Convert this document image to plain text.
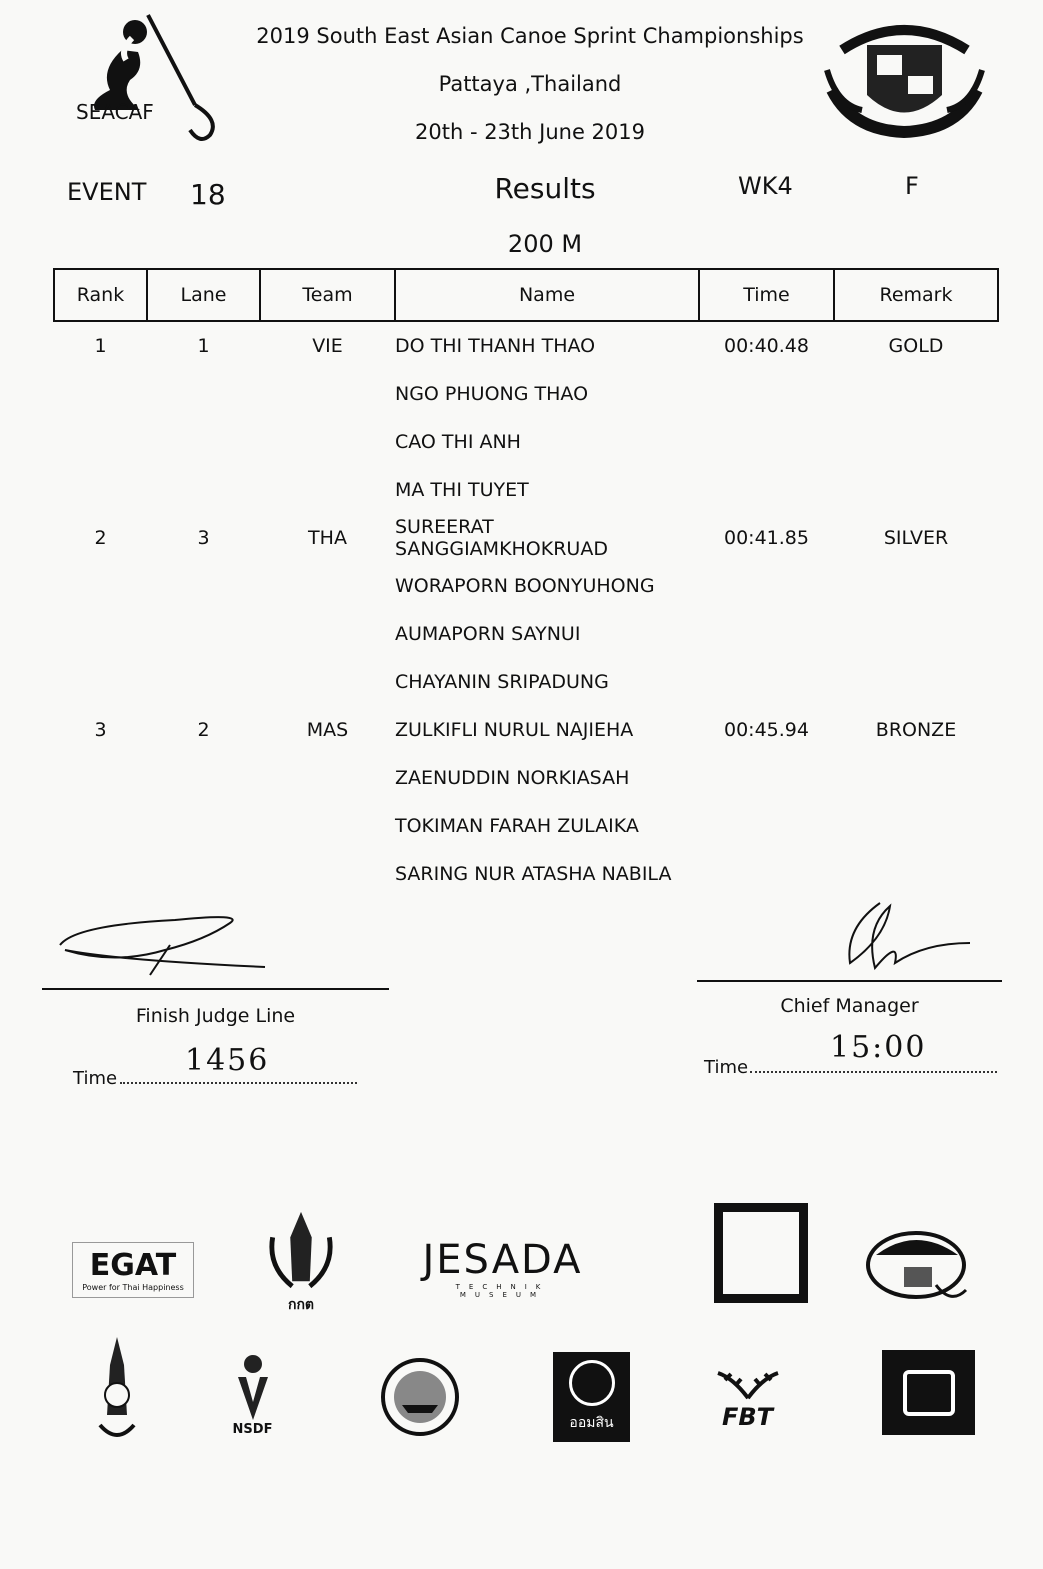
SEACAF
2019 South East Asian Canoe Sprint Championships
Pattaya ,Thailand
20th - 23th June 2019
EVENT 18	Results	WK4	F
200 M
Rank	Lane	Team	Name	Time	Remark
1	1	VIE	DO THI THANH THAO	00:40.48	GOLD
			NGO PHUONG THAO		
			CAO THI ANH		
			MA THI TUYET		
2	3	THA	SUREERAT SANGGIAMKHOKRUAD	00:41.85	SILVER
			WORAPORN BOONYUHONG		
			AUMAPORN SAYNUI		
			CHAYANIN SRIPADUNG		
3	2	MAS	ZULKIFLI NURUL NAJIEHA	00:45.94	BRONZE
			ZAENUDDIN NORKIASAH		
			TOKIMAN FARAH ZULAIKA		
			SARING NUR ATASHA NABILA		
Finish Judge Line
Time
1456
Chief Manager
Time
15:00
EGAT
Power for Thai Happiness
กกต
JESADA
TECHNIK MUSEUM
NSDF	ออมสิน	FBT
